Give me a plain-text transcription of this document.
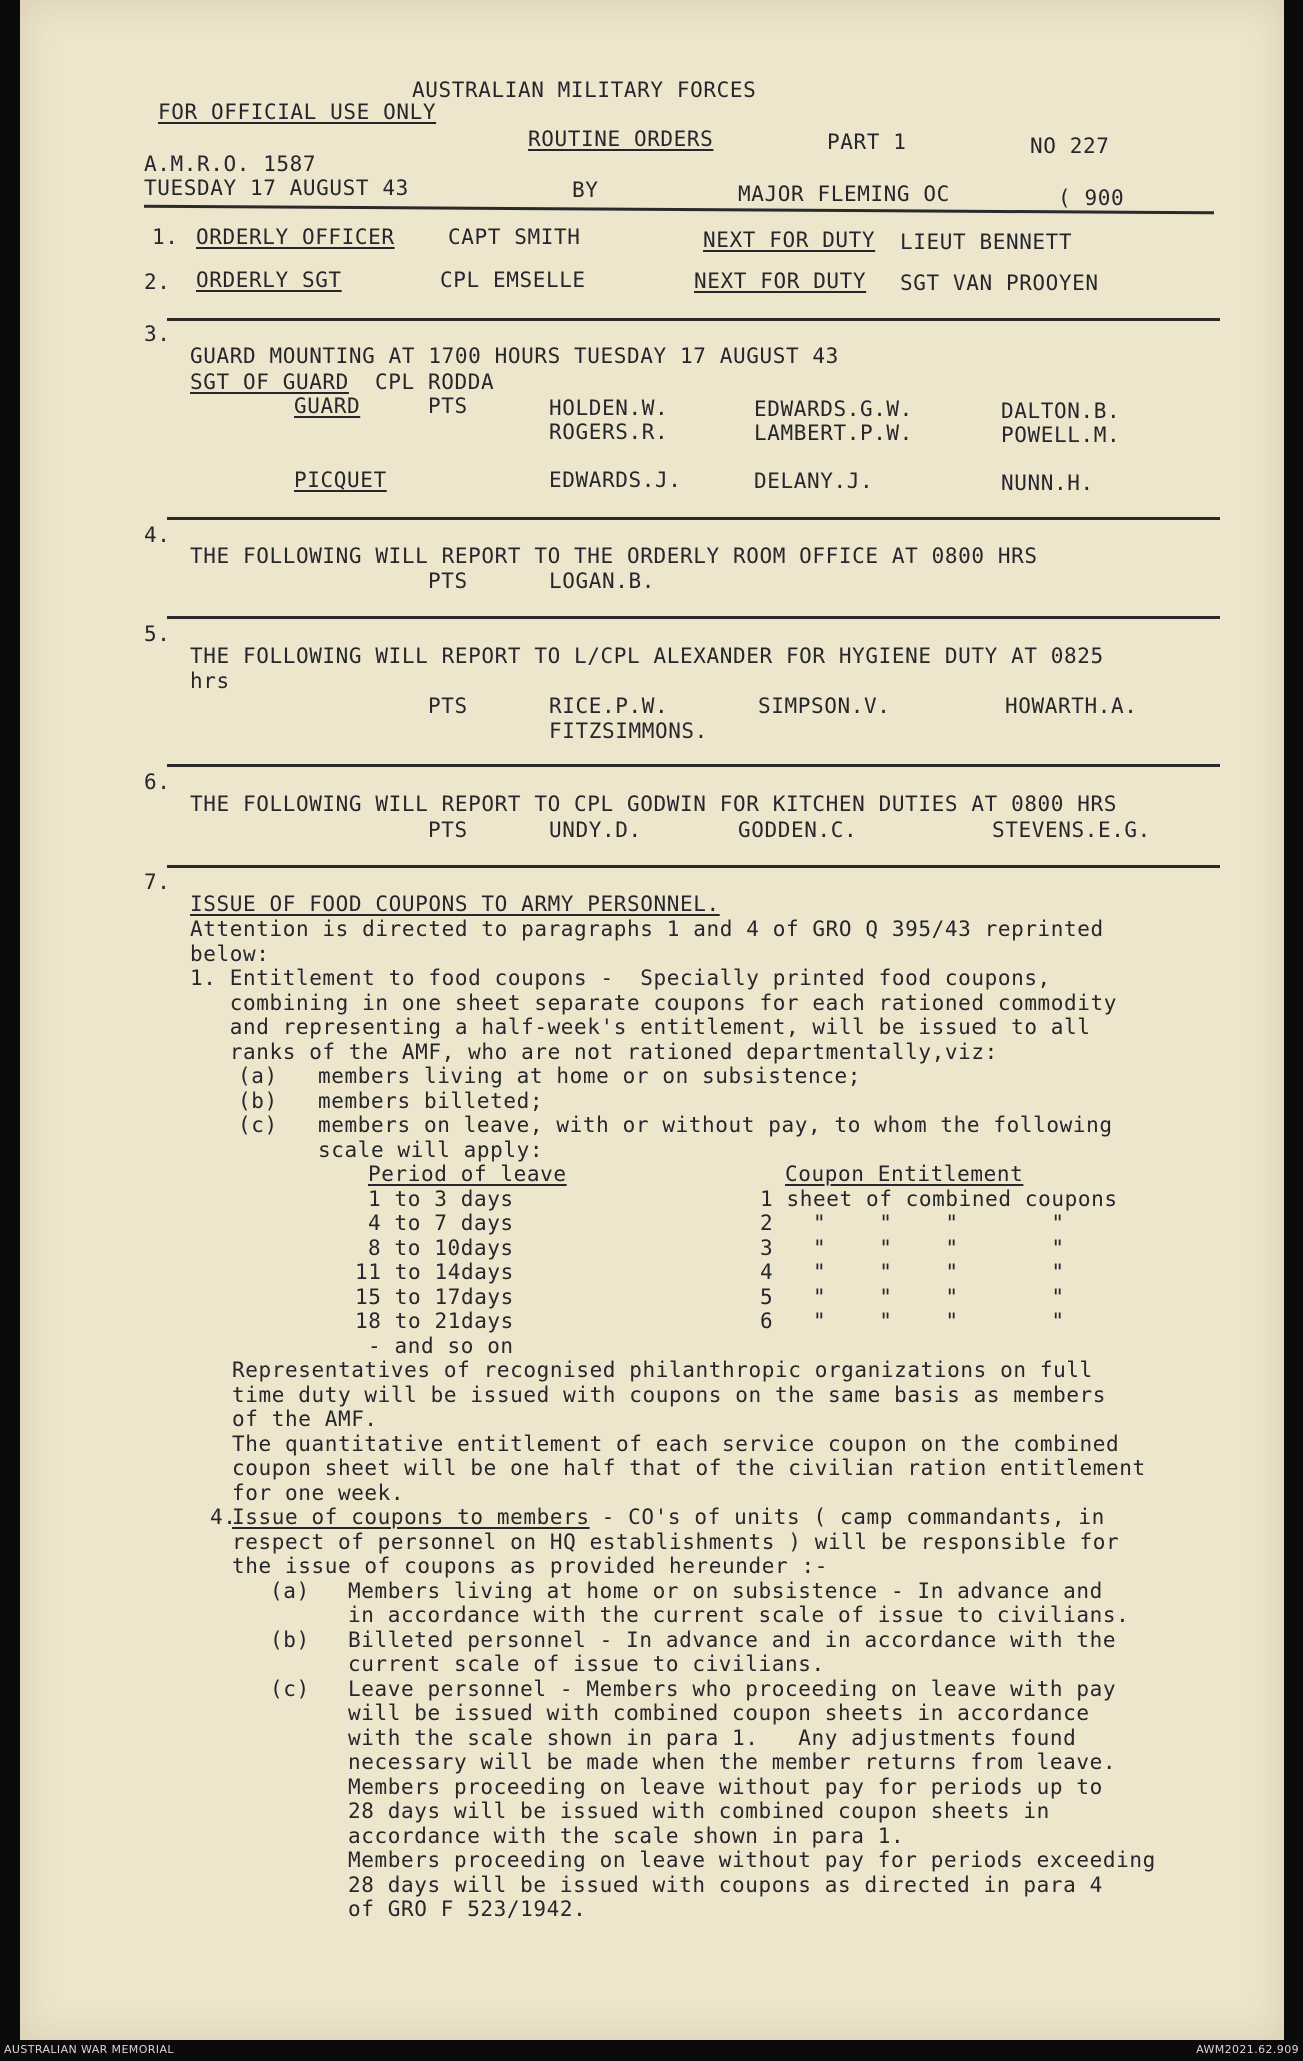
AUSTRALIAN MILITARY FORCES
FOR OFFICIAL USE ONLY
ROUTINE ORDERS	PART 1	NO 227
A.M.R.O. 1587
TUESDAY 17 AUGUST 43	BY	MAJOR FLEMING OC	( 900
1. ORDERLY OFFICER	CAPT SMITH	NEXT FOR DUTY LIEUT BENNETT
2. ORDERLY SGT	CPL EMSELLE	NEXT FOR DUTY SGT VAN PROOYEN
3.
GUARD MOUNTING AT 1700 HOURS TUESDAY 17 AUGUST 43
SGT OF GUARD CPL RODDA
GUARD	PTS	HOLDEN.W.	EDWARDS.G.W.	DALTON.B.
ROGERS.R.	LAMBERT.P.W.	POWELL.M.
PICQUET	EDWARDS.J.	DELANY.J.	NUNN.H.
4.
THE FOLLOWING WILL REPORT TO THE ORDERLY ROOM OFFICE AT 0800 HRS
PTS	LOGAN.B.
5.
THE FOLLOWING WILL REPORT TO L/CPL ALEXANDER FOR HYGIENE DUTY AT 0825
hrs
PTS	RICE.P.W.	SIMPSON.V.	HOWARTH.A.
FITZSIMMONS.
6.
THE FOLLOWING WILL REPORT TO CPL GODWIN FOR KITCHEN DUTIES AT 0800 HRS
PTS	UNDY.D.	GODDEN.C.	STEVENS.E.G.
7.
ISSUE OF FOOD COUPONS TO ARMY PERSONNEL.
Attention is directed to paragraphs 1 and 4 of GRO Q 395/43 reprinted
below:
1. Entitlement to food coupons -  Specially printed food coupons,
combining in one sheet separate coupons for each rationed commodity
and representing a half-week's entitlement, will be issued to all
ranks of the AMF, who are not rationed departmentally,viz:
(a) members living at home or on subsistence;
(b) members billeted;
(c) members on leave, with or without pay, to whom the following
scale will apply:
Period of leave	Coupon Entitlement
1 to 3 days	1 sheet of combined coupons
4 to 7 days	2   "    "    "       "
8 to 10days	3   "    "    "       "
11 to 14days	4   "    "    "       "
15 to 17days	5   "    "    "       "
18 to 21days	6   "    "    "       "
- and so on
Representatives of recognised philanthropic organizations on full
time duty will be issued with coupons on the same basis as members
of the AMF.
The quantitative entitlement of each service coupon on the combined
coupon sheet will be one half that of the civilian ration entitlement
for one week.
4.
Issue of coupons to members
- CO's of units ( camp commandants, in
respect of personnel on HQ establishments ) will be responsible for
the issue of coupons as provided hereunder :-
(a) Members living at home or on subsistence - In advance and
in accordance with the current scale of issue to civilians.
(b) Billeted personnel - In advance and in accordance with the
current scale of issue to civilians.
(c) Leave personnel - Members who proceeding on leave with pay
will be issued with combined coupon sheets in accordance
with the scale shown in para 1.   Any adjustments found
necessary will be made when the member returns from leave.
Members proceeding on leave without pay for periods up to
28 days will be issued with combined coupon sheets in
accordance with the scale shown in para 1.
Members proceeding on leave without pay for periods exceeding
28 days will be issued with coupons as directed in para 4
of GRO F 523/1942.
AUSTRALIAN WAR MEMORIAL	AWM2021.62.909
